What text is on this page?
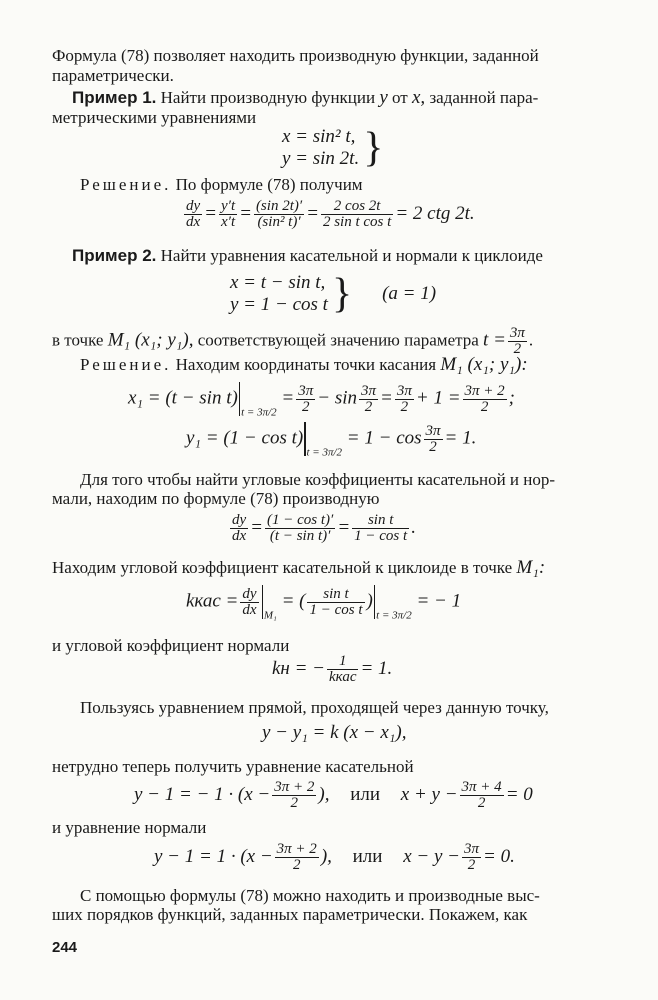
Формула (78) позволяет находить производную функции, заданной
параметрически.
Пример 1. Найти производную функции y от x, заданной пара-
метрическими уравнениями
x = sin² t,
y = sin 2t. }
Решение. По формуле (78) получим
$\frac{dy}{dx} = \frac{y't}{x't} = \frac{(\sin 2t)'}{\text{(sin² t)′}} = \frac{2 \cos 2t}{\text{2 sin t cos t}} = 2$ ctg 2t.
Пример 2. Найти уравнения касательной и нормали к циклоиде
x = t − sin t,
y = 1 − cos t } (a = 1)
в точке M₁ (x₁; y₁), соответствующей значению параметра $t = \frac{3\pi}{2}$ .
Решение. Находим координаты точки касания M₁ (x₁; y₁):
$x_1 = (t - \sin t)_{t = 3\pi/2} = \frac{3\pi}{2} - \sin \frac{3\pi}{2} = \frac{3\pi}{2} + 1 = \frac{3\pi + 2}{2}$ ;
$y_1 = (1 - \cos t)_{t = 3\pi/2} = 1 - \cos \frac{3\pi}{2} = 1$.
Для того чтобы найти угловые коэффициенты касательной и нор-
мали, находим по формуле (78) производную
$\frac{dy}{dx} = \frac{\text{(1 − cos t)′}}{\text{(t − sin t)′}} = \frac{\text{sin t}}{\text{1 − cos t}}$ .
Находим угловой коэффициент касательной к циклоиде в точке M₁:
kкас = $\frac{dy}{dx} _{M_1}$ = ( $\frac{\text{sin t}}{\text{1 − cos t}} )_{t = 3\pi/2}$ = − 1
и угловой коэффициент нормали
kн = − $\frac{1}{\text{kкас}} = 1$.
Пользуясь уравнением прямой, проходящей через данную точку,
y − y₁ = k (x − x₁),
нетрудно теперь получить уравнение касательной
y − 1 = − $1 \cdot (x - \frac{3\pi + 2}{2}$ ), или $x + y - \frac{3\pi + 4}{2} = 0$
и уравнение нормали
$y - 1 = 1 \cdot (x - \frac{3\pi + 2}{2}$ ), или $x - y - \frac{3\pi}{2} = 0$.
С помощью формулы (78) можно находить и производные выс-
ших порядков функций, заданных параметрически. Покажем, как
244
